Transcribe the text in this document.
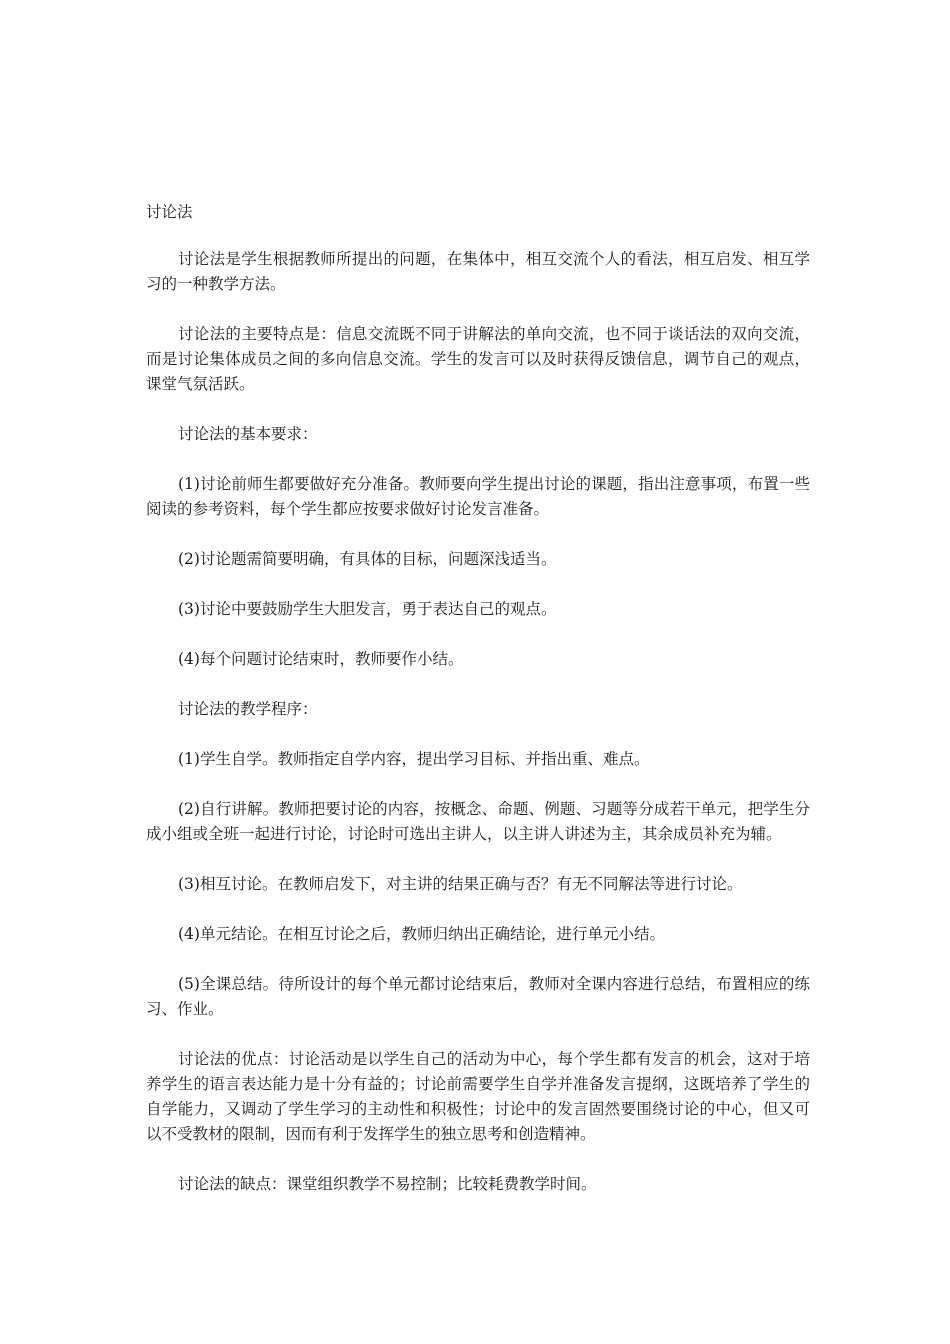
讨论法

讨论法是学生根据教师所提出的问题，在集体中，相互交流个人的看法，相互启发、相互学习的一种教学方法。

讨论法的主要特点是：信息交流既不同于讲解法的单向交流，也不同于谈话法的双向交流，而是讨论集体成员之间的多向信息交流。学生的发言可以及时获得反馈信息，调节自己的观点，课堂气氛活跃。

讨论法的基本要求：

(1)讨论前师生都要做好充分准备。教师要向学生提出讨论的课题，指出注意事项，布置一些阅读的参考资料，每个学生都应按要求做好讨论发言准备。

(2)讨论题需简要明确，有具体的目标，问题深浅适当。

(3)讨论中要鼓励学生大胆发言，勇于表达自己的观点。

(4)每个问题讨论结束时，教师要作小结。

讨论法的教学程序：

(1)学生自学。教师指定自学内容，提出学习目标、并指出重、难点。

(2)自行讲解。教师把要讨论的内容，按概念、命题、例题、习题等分成若干单元，把学生分成小组或全班一起进行讨论，讨论时可选出主讲人，以主讲人讲述为主，其余成员补充为辅。

(3)相互讨论。在教师启发下，对主讲的结果正确与否？有无不同解法等进行讨论。

(4)单元结论。在相互讨论之后，教师归纳出正确结论，进行单元小结。

(5)全课总结。待所设计的每个单元都讨论结束后，教师对全课内容进行总结，布置相应的练习、作业。

讨论法的优点：讨论活动是以学生自己的活动为中心，每个学生都有发言的机会，这对于培养学生的语言表达能力是十分有益的；讨论前需要学生自学并准备发言提纲，这既培养了学生的自学能力，又调动了学生学习的主动性和积极性；讨论中的发言固然要围绕讨论的中心，但又可以不受教材的限制，因而有利于发挥学生的独立思考和创造精神。

讨论法的缺点：课堂组织教学不易控制；比较耗费教学时间。
